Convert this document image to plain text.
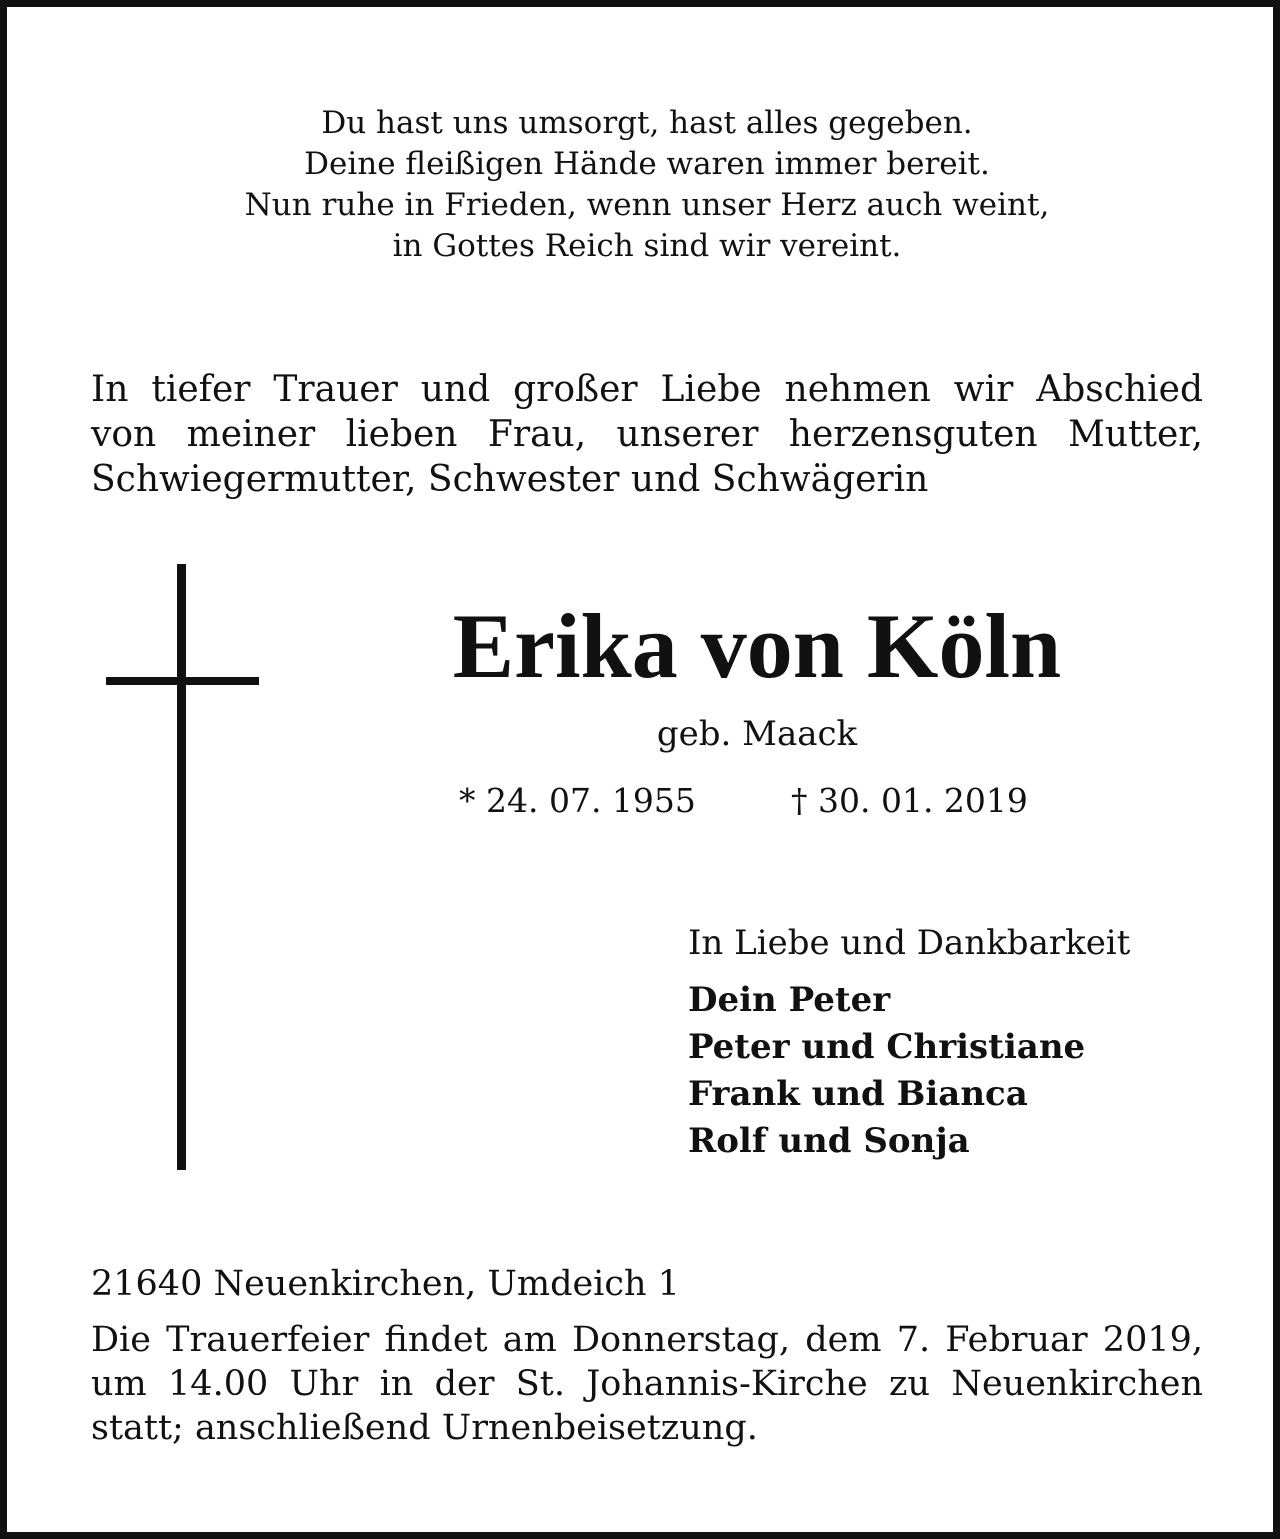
Du hast uns umsorgt, hast alles gegeben.
Deine fleißigen Hände waren immer bereit.
Nun ruhe in Frieden, wenn unser Herz auch weint,
in Gottes Reich sind wir vereint.
In tiefer Trauer und großer Liebe nehmen wir Abschied
von meiner lieben Frau, unserer herzensguten Mutter,
Schwiegermutter, Schwester und Schwägerin
Erika von Köln
geb. Maack
* 24. 07. 1955	† 30. 01. 2019
In Liebe und Dankbarkeit
Dein Peter
Peter und Christiane
Frank und Bianca
Rolf und Sonja
21640 Neuenkirchen, Umdeich 1
Die Trauerfeier findet am Donnerstag, dem 7. Februar 2019,
um 14.00 Uhr in der St. Johannis-Kirche zu Neuenkirchen
statt; anschließend Urnenbeisetzung.
